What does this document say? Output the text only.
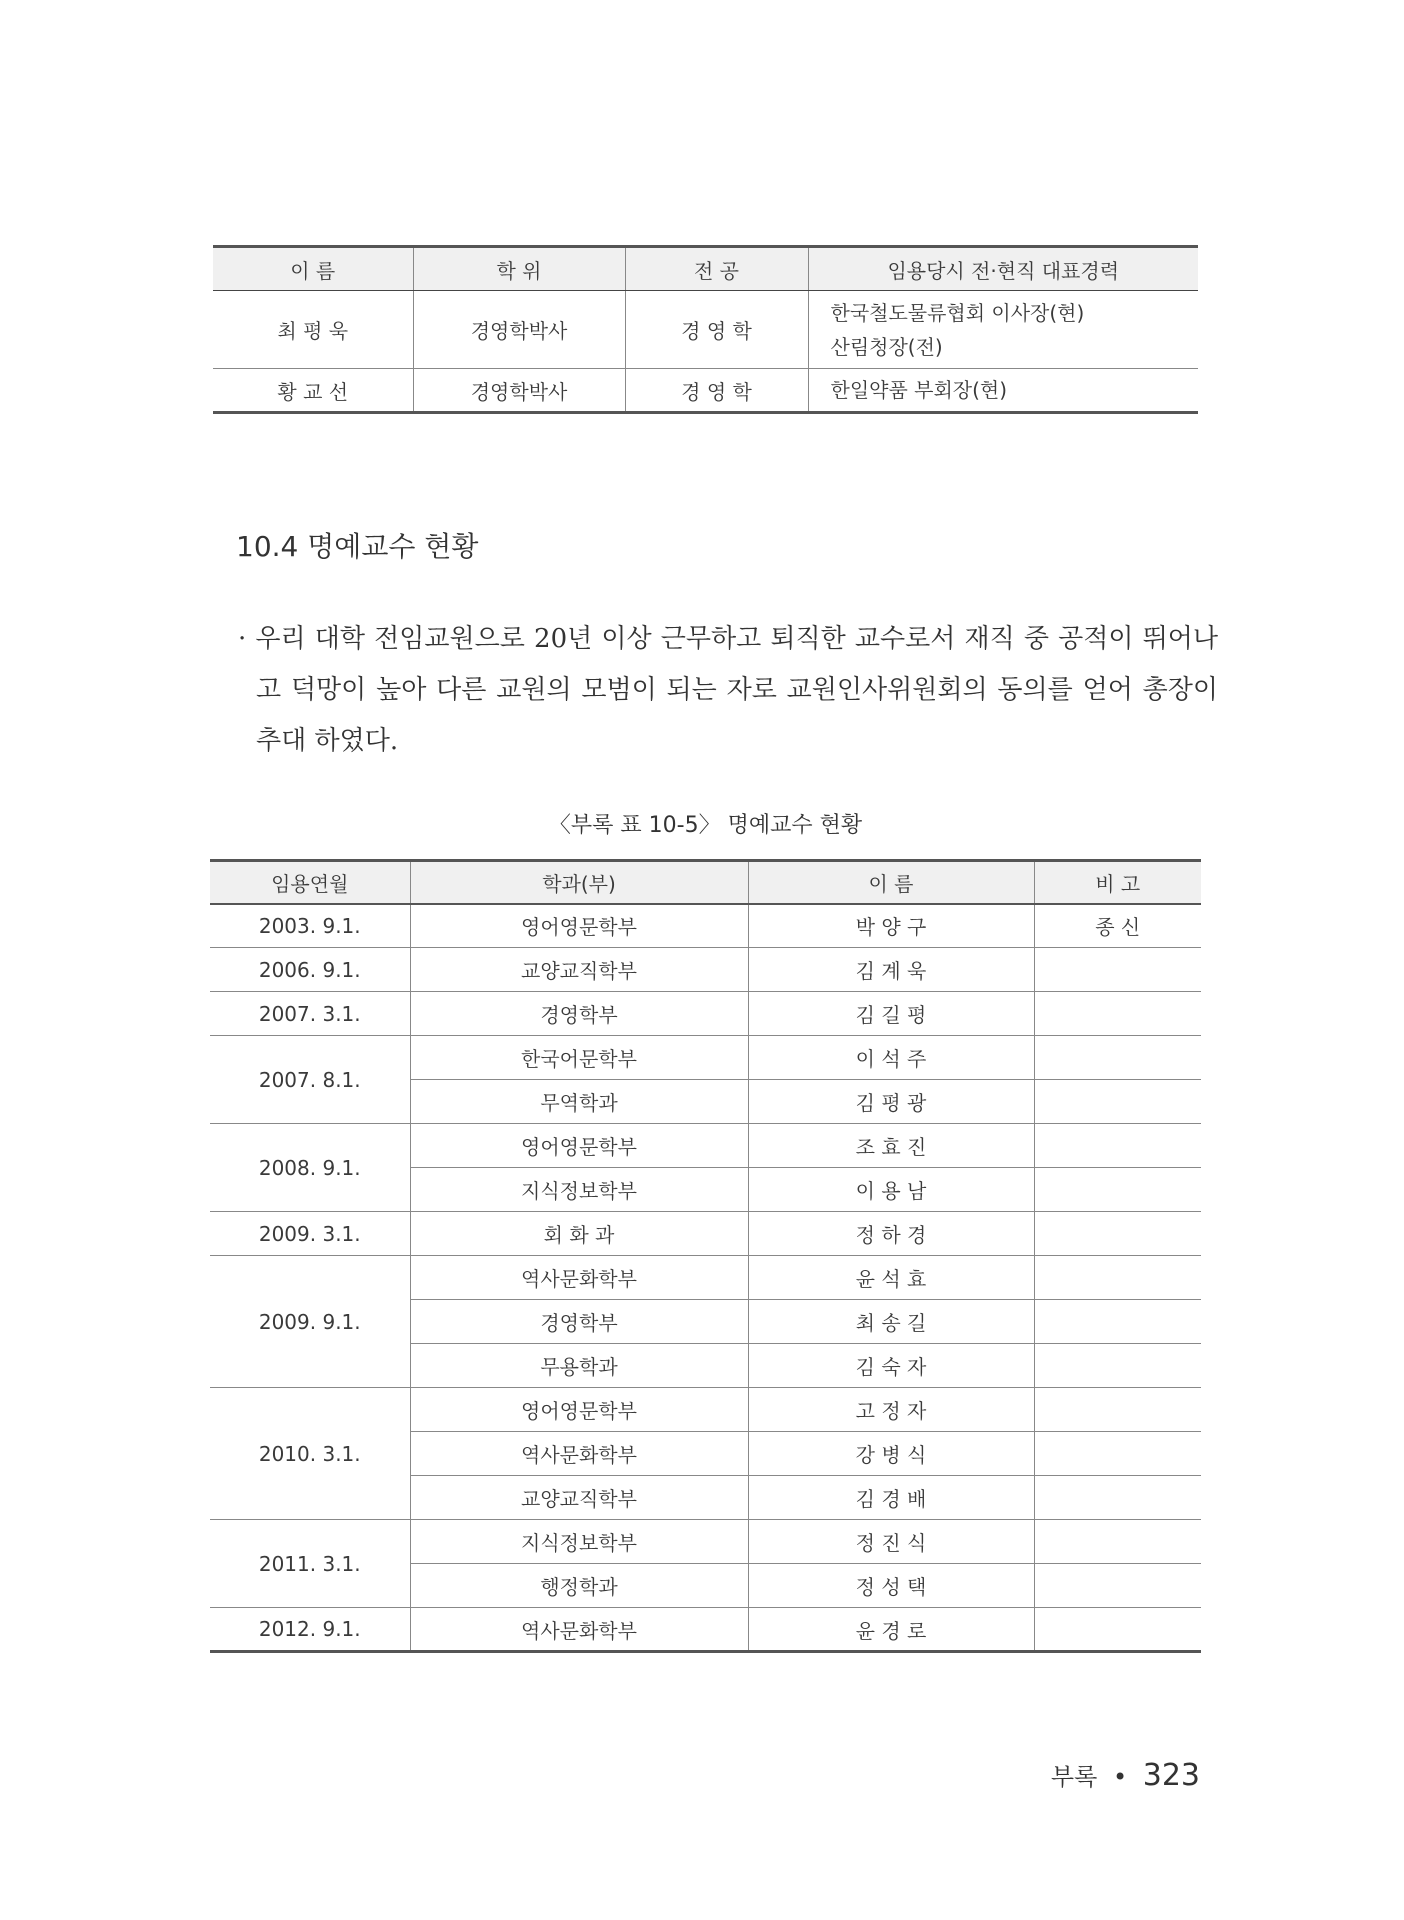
이 름	학 위	전 공	임용당시 전·현직 대표경력
최 평 욱	경영학박사	경 영 학	한국철도물류협회 이사장(현)
산림청장(전)

황 교 선	경영학박사	경 영 학	한일약품 부회장(현)
10.4 명예교수 현황
· 우리 대학 전임교원으로 20년 이상 근무하고 퇴직한 교수로서 재직 중 공적이 뛰어나고 덕망이 높아 다른 교원의 모범이 되는 자로 교원인사위원회의 동의를 얻어 총장이 추대 하였다.
〈부록 표 10-5〉 명예교수 현황
임용연월	학과(부)	이 름	비 고
2003. 9.1.	영어영문학부	박 양 구	종 신
2006. 9.1.	교양교직학부	김 계 욱	
2007. 3.1.	경영학부	김 길 평	
2007. 8.1.	한국어문학부	이 석 주	
	무역학과	김 평 광	
2008. 9.1.	영어영문학부	조 효 진	
	지식정보학부	이 용 남	
2009. 3.1.	회 화 과	정 하 경	
2009. 9.1.	역사문화학부	윤 석 효	
	경영학부	최 송 길	
	무용학과	김 숙 자	
2010. 3.1.	영어영문학부	고 정 자	
	역사문화학부	강 병 식	
	교양교직학부	김 경 배	
2011. 3.1.	지식정보학부	정 진 식	
	행정학과	정 성 택	
2012. 9.1.	역사문화학부	윤 경 로	
부록 • 323
